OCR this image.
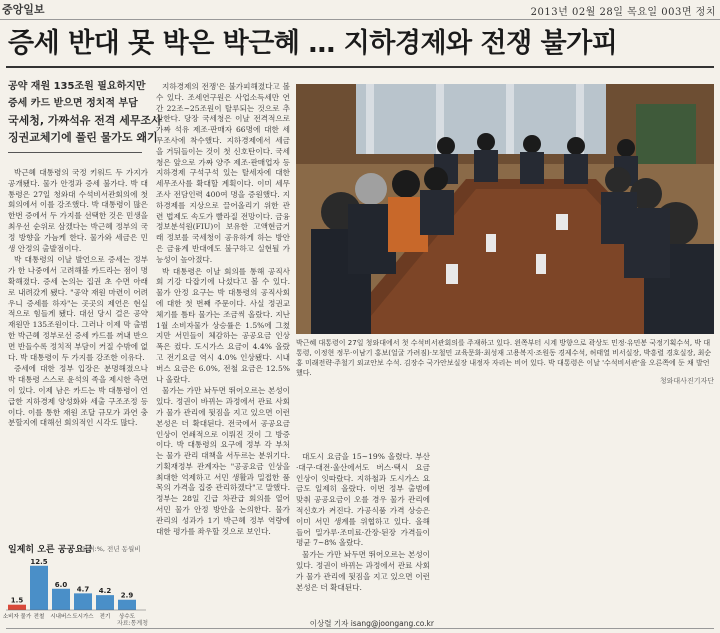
중앙일보	2013년 02월 28일 목요일 003면 정치
증세 반대 못 박은 박근혜 … 지하경제와 전쟁 불가피
공약 재원 135조원 필요하지만
증세 카드 받으면 정치적 부담
국세청, 가짜석유 전격 세무조사
징권교체기에 풀린 물가도 왜기

박근혜 대통령의 국정 키워드 두 가지가 공개됐다. 물가 안정과 증세 불가다. 박 대통령은 27일 청와대 수석비서관회의에 첫 회의에서 이를 강조했다. 박 대통령이 많은 한번 증에서 두 가지를 선택한 것은 민생을 최우선 순위로 삼겠다는 박근혜 정부의 국정 방향을 가늠케 한다. 물가와 세금은 민생 안정의 출발점이다.

박 대통령의 이날 발언으로 증세는 정부가 한 나중에서 고려해볼 카드라는 점이 명확해졌다. 증세 논의는 집권 초 수면 아래로 내려갔게 됐다. "공약 재원 마련이 어려우니 증세를 하자"는 곳곳의 제언은 현실적으로 힘들게 됐다. 대선 당시 걸은 공약 재원만 135조원이다. 그러나 이제 막 출범한 박근혜 정부로선 증세 카드를 꺼내 반으면 반들수록 정치적 부담이 커질 수밖에 없다. 박 대통령이 두 가지를 강조한 이유다.

증세에 대한 정부 입장은 분명해졌으나 박 대통령 스스로 윤석의 족을 제시한 측면이 있다. 이제 남은 카드는 박 대통령이 언급한 지하경제 양성화와 세출 구조조정 등이다. 이를 통한 재원 조달 규모가 과연 충분할지에 대해선 회의적인 시각도 많다.

지하경제의 전쟁'은 불가피해졌다고 볼 수 있다. 조세연구원은 사업소득세만 연간 22조~25조원이 탈루되는 것으로 추산한다. 당장 국세청은 이날 전격적으로 가짜 석유 제조·판매자 66명에 대한 세무조사에 착수했다. 지하경제에서 세금을 거둬들이는 것이 첫 신호탄이다. 국세청은 앞으로 가짜 양주 제조·판매업자 등 지하경제 구석구석 있는 탈세자에 대한 세무조사를 확대할 계획이다. 이미 세무조사 전담인력 400여 명을 증원했다. 지하경제를 지상으로 끌어올리기 위한 관련 법제도 속도가 빨라질 전망이다. 금융정보분석원(FIU)이 보유한 고액현금거래 정보를 국세청이 공유하게 하는 방안은 금융계 반대에도 불구하고 실현될 가능성이 높아졌다.

박 대통령은 이날 회의를 통해 공직사회 기강 다잡기에 나섰다고 볼 수 있다. 물가 안정 요구는 박 대통령의 공직사회에 대한 첫 번째 주문이다. 사실 정권교체기를 틈타 물가는 조금씩 올랐다. 지난 1월 소비자물가 상승률은 1.5%에 그쳤지만 서민들이 체감하는 공공요금 인상 폭은 컸다. 도시가스 요금이 4.4% 올랐고 전기요금 역시 4.0% 인상됐다. 시내버스 요금은 6.0%, 전철 요금은 12.5%나 올랐다.

물가는 가만 놔두면 뛰어오르는 본성이 있다. 정권이 바뀌는 과정에서 관료 사회가 물가 관리에 뒷짐을 지고 있으면 이런 본성은 더 확대된다. 전국에서 공공요금 인상이 연쇄적으로 이뤄진 것이 그 방증이다. 박 대통령의 요구에 정부 각 부처는 물가 관리 대책을 서두르는 분위기다. 기획재정부 관계자는 "공공요금 인상을 최대한 억제하고 서민 생활과 밀접한 품목의 가격을 집중 관리하겠다"고 말했다. 정부는 28일 긴급 차관급 회의를 열어 서민 물가 안정 방안을 논의한다. 물가 관리의 성과가 1기 박근혜 정부 역량에 대한 평가를 좌우할 것으로 보인다.

박근혜 대통령이 27일 청와대에서 첫 수석비서관회의를 주재하고 있다. 왼쪽부터 시계 방향으로 곽상도 민정·유민봉 국정기획수석, 박 대통령, 이정현 정무·이남기 홍보(얼굴 가려짐)·모철민 교육문화·최성재 고용복지·조원동 경제수석, 허태열 비서실장, 박흥렬 경호실장, 최순홍 미래전략·주철기 외교안보 수석. 김장수 국가안보실장 내정자 자리는 비어 있다. 박 대통령은 이날 '수석비서관'을 오른쪽에 둔 채 발언했다.
청와대사진기자단

대도시 요금을 15~19% 올렸다. 부산·대구·대전·울산에서도 버스·택시 요금 인상이 잇따랐다. 지하철과 도시가스 요금도 일제히 올랐다. 이번 정부 출범에 맞춰 공공요금이 오를 경우 물가 관리에 적신호가 켜진다. 가공식품 가격 상승은 이미 서민 생계를 위협하고 있다. 올해 들어 밀가루·조미료·간장·된장 가격들이 평균 7~8% 올랐다.

물가는 가만 놔두면 뛰어오르는 본성이 있다. 정권이 바뀌는 과정에서 관료 사회가 물가 관리에 뒷짐을 지고 있으면 이런 본성은 더 확대된다.

일제히 오른 공공요금
단위:%, 전년 동월비
1.5
소비자 물가
12.5
전철
6.0
시내버스
4.7
도시가스
4.2
전기
2.9
상수도
자료:통계청	이상렬 기자 isang@joongang.co.kr
